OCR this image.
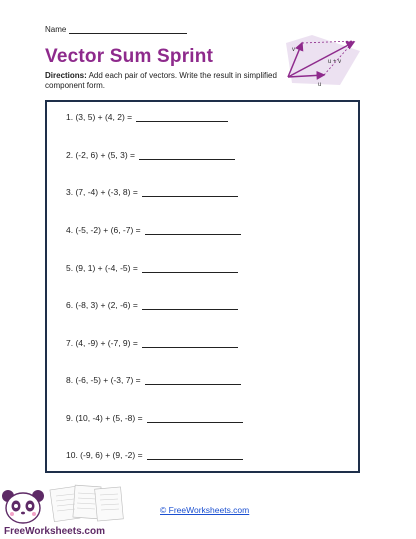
Name
Vector Sum Sprint
Directions: Add each pair of vectors. Write the result in simplified component form.
v
u + v
u
1. (3, 5) + (4, 2) =
2. (-2, 6) + (5, 3) =
3. (7, -4) + (-3, 8) =
4. (-5, -2) + (6, -7) =
5. (9, 1) + (-4, -5) =
6. (-8, 3) + (2, -6) =
7. (4, -9) + (-7, 9) =
8. (-6, -5) + (-3, 7) =
9. (10, -4) + (5, -8) =
10. (-9, 6) + (9, -2) =
FreeWorksheets.com
© FreeWorksheets.com
